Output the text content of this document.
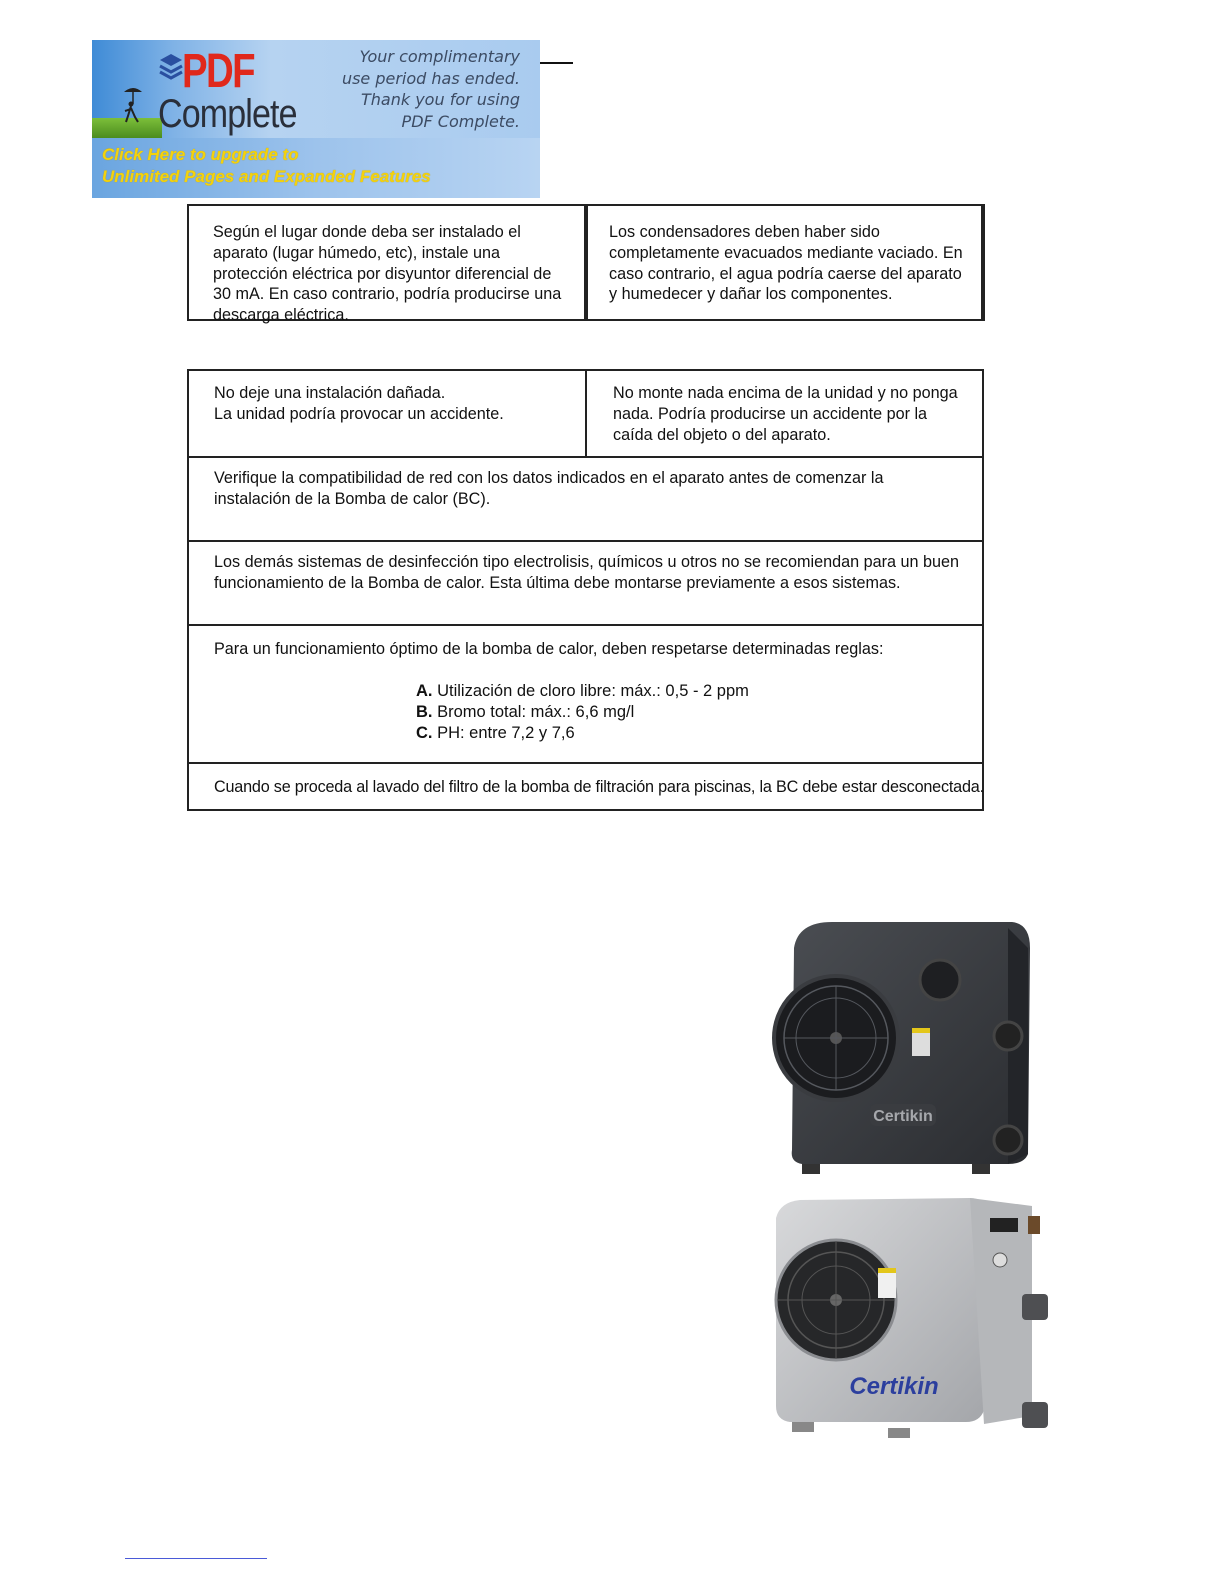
PDF
Complete
Your complimentary
use period has ended.
Thank you for using
PDF Complete.
Click Here to upgrade to
Unlimited Pages and Expanded Features
Según el lugar donde deba ser instalado el aparato (lugar húmedo, etc), instale una protección eléctrica por disyuntor diferencial de 30 mA. En caso contrario, podría producirse una descarga eléctrica.
Los condensadores deben haber sido completamente evacuados mediante vaciado. En caso contrario, el agua podría caerse del aparato y humedecer y dañar los componentes.
No deje una instalación dañada.
La unidad podría provocar un accidente.
No monte nada encima de la unidad y no ponga nada. Podría producirse un accidente por la caída del objeto o del aparato.
Verifique la compatibilidad de red con los datos indicados en el aparato antes de comenzar la instalación de la Bomba de calor (BC).
Los demás sistemas de desinfección tipo electrolisis, químicos u otros no se recomiendan para un buen funcionamiento de la Bomba de calor. Esta última debe montarse previamente a esos sistemas.
Para un funcionamiento óptimo de la bomba de calor, deben respetarse determinadas reglas:
A. Utilización de cloro libre: máx.: 0,5 - 2 ppm
B. Bromo total: máx.: 6,6 mg/l
C. PH: entre 7,2 y 7,6
Cuando se proceda al lavado del filtro de la bomba de filtración para piscinas, la BC debe estar desconectada.
Certikin
Certikin
